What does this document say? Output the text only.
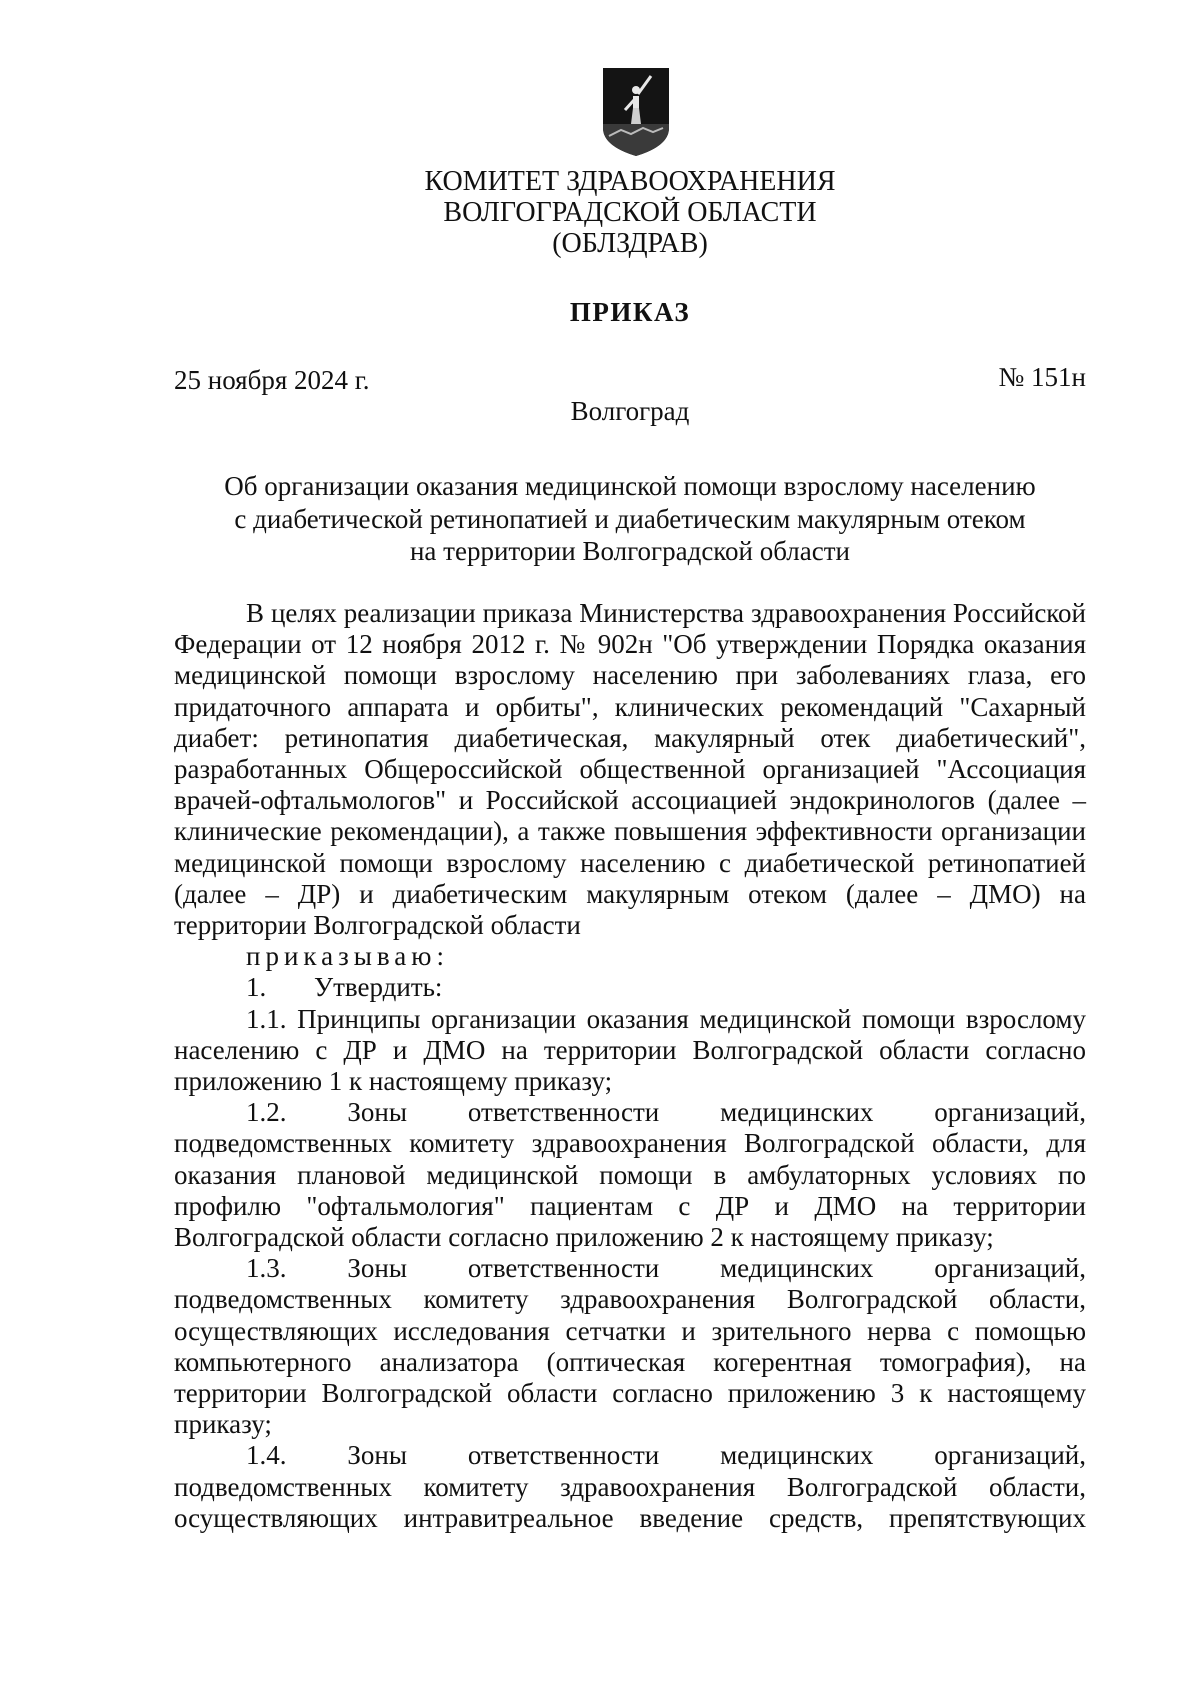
КОМИТЕТ ЗДРАВООХРАНЕНИЯ
ВОЛГОГРАДСКОЙ ОБЛАСТИ
(ОБЛЗДРАВ)
ПРИКАЗ
25 ноября 2024 г.	№ 151н
Волгоград
Об организации оказания медицинской помощи взрослому населению
с диабетической ретинопатией и диабетическим макулярным отеком
на территории Волгоградской области

В целях реализации приказа Министерства здравоохранения Российской Федерации от 12 ноября 2012 г. № 902н "Об утверждении Порядка оказания медицинской помощи взрослому населению при заболеваниях глаза, его придаточного аппарата и орбиты", клинических рекомендаций "Сахарный диабет: ретинопатия диабетическая, макулярный отек диабетический", разработанных Общероссийской общественной организацией "Ассоциация врачей-офтальмологов" и Российской ассоциацией эндокринологов (далее – клинические рекомендации), а также повышения эффективности организации медицинской помощи взрослому населению с диабетической ретинопатией (далее – ДР) и диабетическим макулярным отеком (далее – ДМО) на территории Волгоградской области

приказываю:

1. Утвердить:

1.1. Принципы организации оказания медицинской помощи взрослому населению с ДР и ДМО на территории Волгоградской области согласно приложению 1 к настоящему приказу;

1.2. Зоны ответственности медицинских организаций, подведомственных комитету здравоохранения Волгоградской области, для оказания плановой медицинской помощи в амбулаторных условиях по профилю "офтальмология" пациентам с ДР и ДМО на территории Волгоградской области согласно приложению 2 к настоящему приказу;

1.3. Зоны ответственности медицинских организаций, подведомственных комитету здравоохранения Волгоградской области, осуществляющих исследования сетчатки и зрительного нерва с помощью компьютерного анализатора (оптическая когерентная томография), на территории Волгоградской области согласно приложению 3 к настоящему приказу;

1.4. Зоны ответственности медицинских организаций, подведомственных комитету здравоохранения Волгоградской области, осуществляющих интравитреальное введение средств, препятствующих
